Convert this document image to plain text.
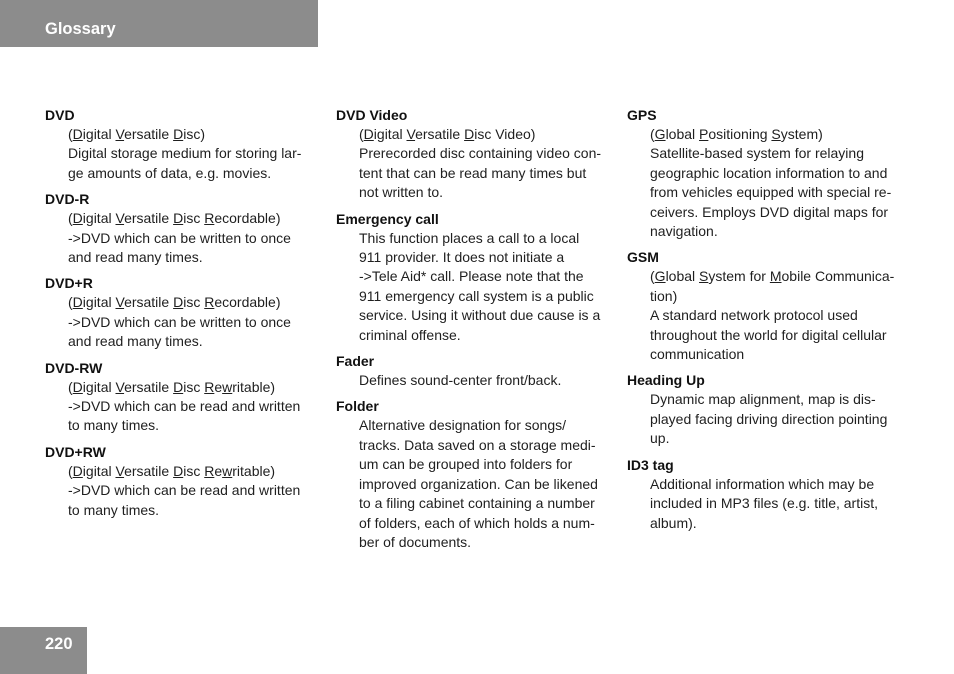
Glossary
DVD
(Digital Versatile Disc)
Digital storage medium for storing lar-
ge amounts of data, e.g. movies.
DVD-R
(Digital Versatile Disc Recordable)
->DVD which can be written to once
and read many times.
DVD+R
(Digital Versatile Disc Recordable)
->DVD which can be written to once
and read many times.
DVD-RW
(Digital Versatile Disc Rewritable)
->DVD which can be read and written
to many times.
DVD+RW
(Digital Versatile Disc Rewritable)
->DVD which can be read and written
to many times.
DVD Video
(Digital Versatile Disc Video)
Prerecorded disc containing video con-
tent that can be read many times but
not written to.
Emergency call
This function places a call to a local
911 provider. It does not initiate a
->Tele Aid* call. Please note that the
911 emergency call system is a public
service. Using it without due cause is a
criminal offense.
Fader
Defines sound-center front/back.
Folder
Alternative designation for songs/
tracks. Data saved on a storage medi-
um can be grouped into folders for
improved organization. Can be likened
to a filing cabinet containing a number
of folders, each of which holds a num-
ber of documents.
GPS
(Global Positioning System)
Satellite-based system for relaying
geographic location information to and
from vehicles equipped with special re-
ceivers. Employs DVD digital maps for
navigation.
GSM
(Global System for Mobile Communica-
tion)
A standard network protocol used
throughout the world for digital cellular
communication
Heading Up
Dynamic map alignment, map is dis-
played facing driving direction pointing
up.
ID3 tag
Additional information which may be
included in MP3 files (e.g. title, artist,
album).
220
